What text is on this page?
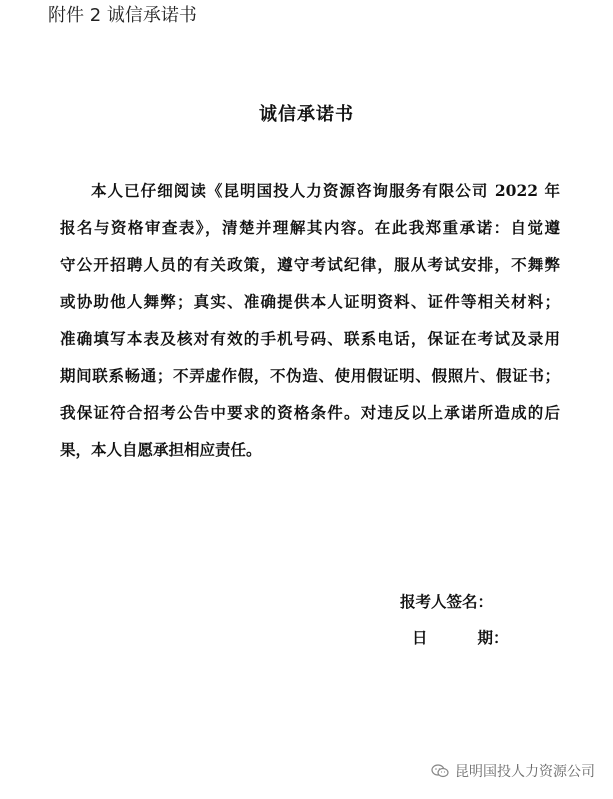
附件 2 诚信承诺书
诚信承诺书
本人已仔细阅读《昆明国投人力资源咨询服务有限公司 2022 年
报名与资格审查表》，清楚并理解其内容。在此我郑重承诺：自觉遵
守公开招聘人员的有关政策，遵守考试纪律，服从考试安排，不舞弊
或协助他人舞弊；真实、准确提供本人证明资料、证件等相关材料；
准确填写本表及核对有效的手机号码、联系电话，保证在考试及录用
期间联系畅通；不弄虚作假，不伪造、使用假证明、假照片、假证书；
我保证符合招考公告中要求的资格条件。对违反以上承诺所造成的后
果，本人自愿承担相应责任。
报考人签名：
日	期：
昆明国投人力资源公司
